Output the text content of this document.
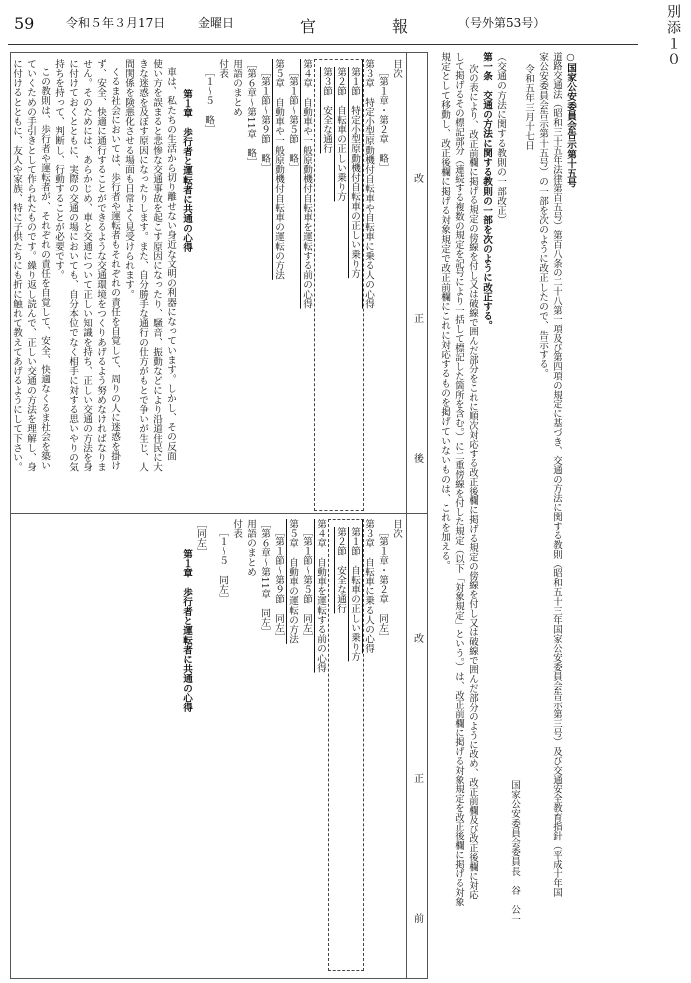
59	令和５年３月17日	金曜日	官　報 （号外第53号）	別添１０
○国家公安委員会告示第十五号
道路交通法（昭和三十五年法律第百五号）第百八条の二十八第一項及び第四項の規定に基づき、交通の方法に関する教則（昭和五十三年国家公安委員会告示第三号）及び交通安全教育指針（平成十年国
家公安委員会告示第十五号）の一部を次のように改正したので、告示する。
令和五年三月十七日
国家公安委員会委員長　谷　公一
（交通の方法に関する教則の一部改正）
第一条　交通の方法に関する教則の一部を次のように改正する。
次の表により、改正前欄に掲げる規定の傍線を付し又は破線で囲んだ部分をこれに順次対応する改正後欄に掲げる規定の傍線を付し又は破線で囲んだ部分のように改め、改正前欄及び改正後欄に対応
して掲げるその標記部分（連続する複数の規定を記号により一括して標記した箇所を含む。）に二重傍線を付した規定（以下「対象規定」という。）は、改正前欄に掲げる対象規定を改正後欄に掲げる対象
規定として移動し、改正後欄に掲げる対象規定で改正前欄にこれに対応するものを掲げていないものは、これを加える。
改　正　後
目次
［第１章・第２章　略］
第３章　特定小型原動機付自転車や自転車に乗る人の心得
第１節　特定小型原動機付自転車の正しい乗り方
第２節　自転車の正しい乗り方
第３節　安全な通行
第４章　自動車や一般原動機付自転車を運転する前の心得
［第１節～第５節　略］
第５章　自動車や一般原動機付自転車の運転の方法
［第１節～第９節　略］
［第６章～第11章　略］
用語のまとめ
付表
［１～５　略］
第１章　歩行者と運転者に共通の心得
車は、私たちの生活から切り離せない身近な文明の利器になっています。しかし、その反面
使い方を誤まると悲惨な交通事故を起こす原因になったり、騒音、振動などにより沿道住民に大
きな迷惑を及ぼす原因になったりします。また、自分勝手な通行の仕方がもとで争いが生じ、人
間関係を険悪化させる場面も日常よく見受けられます。
くるま社会においては、歩行者や運転者もそれぞれの責任を自覚して、周りの人に迷惑を掛け
ず、安全、快適に通行することができるような交通環境をつくりあげるよう努めなければなりま
せん。そのためには、あらかじめ、車と交通について正しい知識を持ち、正しい交通の方法を身
に付けておくとともに、実際の交通の場においても、自分本位でなく相手に対する思いやりの気
持ちを持って、判断し、行動することが必要です。
この教則は、歩行者や運転者が、それぞれの責任を自覚して、安全、快適なくるま社会を築い
ていくための手引きとして作られたものです。繰り返し読んで、正しい交通の方法を理解し、身
に付けるとともに、友人や家族、特に子供たちにも折に触れて教えてあげるようにして下さい。
改　正　前
目次
［第１章・第２章　同左］
第３章　自転車に乗る人の心得
第１節　自転車の正しい乗り方
第２節　安全な通行
第４章　自動車を運転する前の心得
［第１節～第５節　同左］
第５章　自動車の運転の方法
［第１節～第９節　同左］
［第６章～第11章　同左］
用語のまとめ
付表
［１～５　同左］
［同左］
第１章　歩行者と運転者に共通の心得
